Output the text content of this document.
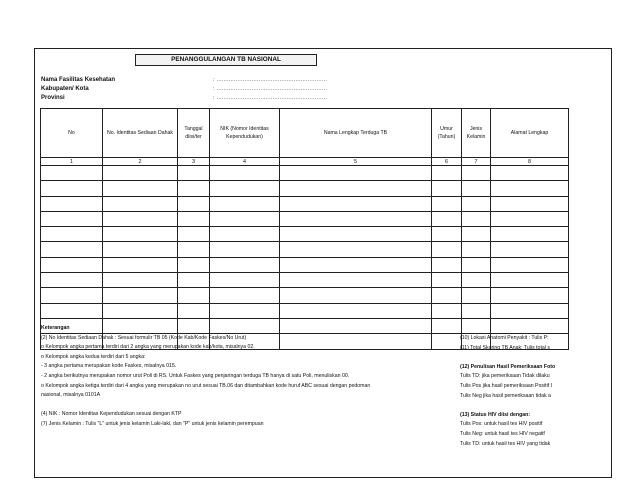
PENANGGULANGAN TB NASIONAL
Nama Fasilitas Kesehatan	: ...............................................................
Kabupaten/ Kota	: ...............................................................
Provinsi	: ...............................................................
No	No. Identitas Sediaan Dahak	Tanggal diisi/ter	NIK (Nomor Identitas Kependudukan)	Nama Lengkap Terduga TB	Umur (Tahun)	Jenis Kelamin	Alamat Lengkap
1	2	3	4	5	6	7	8

Keterangan
(2) No Identitas Sediaan Dahak : Sesuai formulir TB 05 (Kode Kab/Kode Faskes/No Urut)
o Kelompok angka pertama terdiri dari 2 angka yang merupakan kode kab/kota, misalnya 02.
o Kelompok angka kedua terdiri dari 5 angka:
- 3 angka pertama merupakan kode Faskes, misalnya 015.
- 2 angka berikutnya merupakan nomor urut Poli di RS. Untuk Faskes yang penjaringan terduga TB hanya di satu Poli, menuliskan 00.
o Kelompok angka ketiga terdiri dari 4 angka yang merupakan no urut sesuai TB.06 dan ditambahkan kode huruf ABC sesuai dengan pedoman
nasional, misalnya 0101A

(4) NIK : Nomor Identitas Kependudukan sesuai dengan KTP
(7) Jenis Kelamin : Tulis "L" untuk jenis kelamin Laki-laki, dan "P" untuk jenis kelamin perempuan
(10) Lokasi Anatomi Penyakit : Tulis P:
(11) Total Skoring TB Anak: Tulis total s

(12) Penulisan Hasil Pemeriksaan Foto
Tulis TD: jika pemeriksaan Tidak dilaku
Tulis Pos jika hasil pemeriksaan Positif I
Tulis Neg jika hasil pemeriksaan tidak a

(13) Status HIV diisi dengan:
Tulis Pos: untuk hasil tes HIV positif
Tulis Neg: untuk hasil tes HIV negatif
Tulis TD: untuk hasil tes HIV yang tidak
